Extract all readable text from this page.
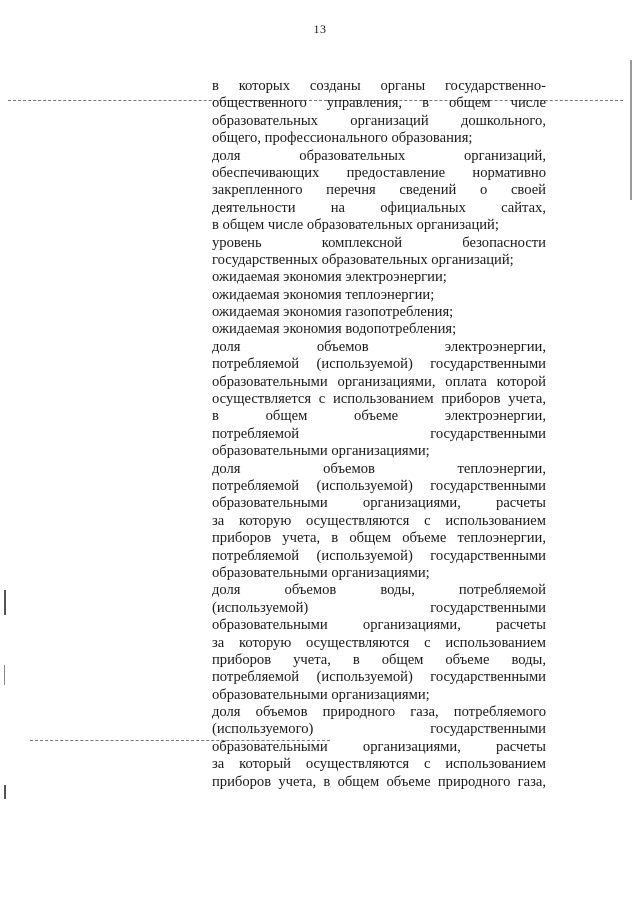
13
в которых созданы органы государственно-
общественного управления, в общем числе
образовательных организаций дошкольного,
общего, профессионального образования;
доля образовательных организаций,
обеспечивающих предоставление нормативно
закрепленного перечня сведений о своей
деятельности на официальных сайтах,
в общем числе образовательных организаций;
уровень комплексной безопасности
государственных образовательных организаций;
ожидаемая экономия электроэнергии;
ожидаемая экономия теплоэнергии;
ожидаемая экономия газопотребления;
ожидаемая экономия водопотребления;
доля объемов электроэнергии,
потребляемой (используемой) государственными
образовательными организациями, оплата которой
осуществляется с использованием приборов учета,
в общем объеме электроэнергии,
потребляемой государственными
образовательными организациями;
доля объемов теплоэнергии,
потребляемой (используемой) государственными
образовательными организациями, расчеты
за которую осуществляются с использованием
приборов учета, в общем объеме теплоэнергии,
потребляемой (используемой) государственными
образовательными организациями;
доля объемов воды, потребляемой
(используемой) государственными
образовательными организациями, расчеты
за которую осуществляются с использованием
приборов учета, в общем объеме воды,
потребляемой (используемой) государственными
образовательными организациями;
доля объемов природного газа, потребляемого
(используемого) государственными
образовательными организациями, расчеты
за который осуществляются с использованием
приборов учета, в общем объеме природного газа,
